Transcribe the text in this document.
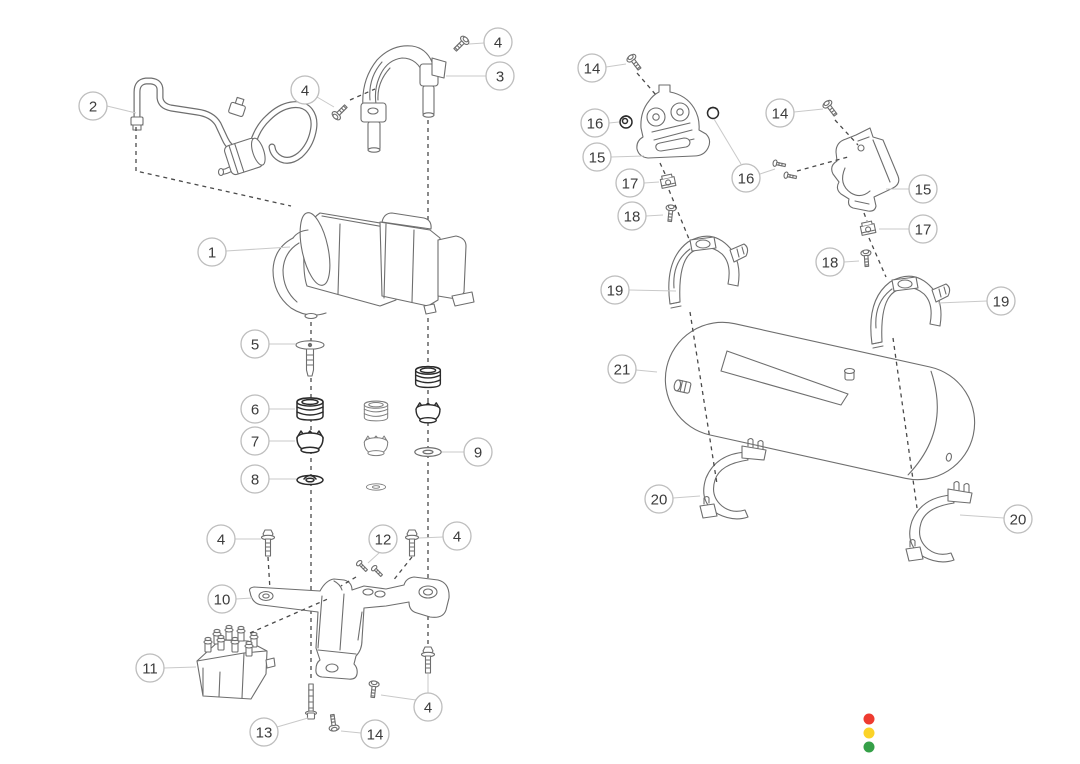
2
4
3
4
1
5
6
7
8
9
4	12	4
10
11
13	14
4
14
16
15
17
18
19
14
16
15
17
18
19
21
20
20
